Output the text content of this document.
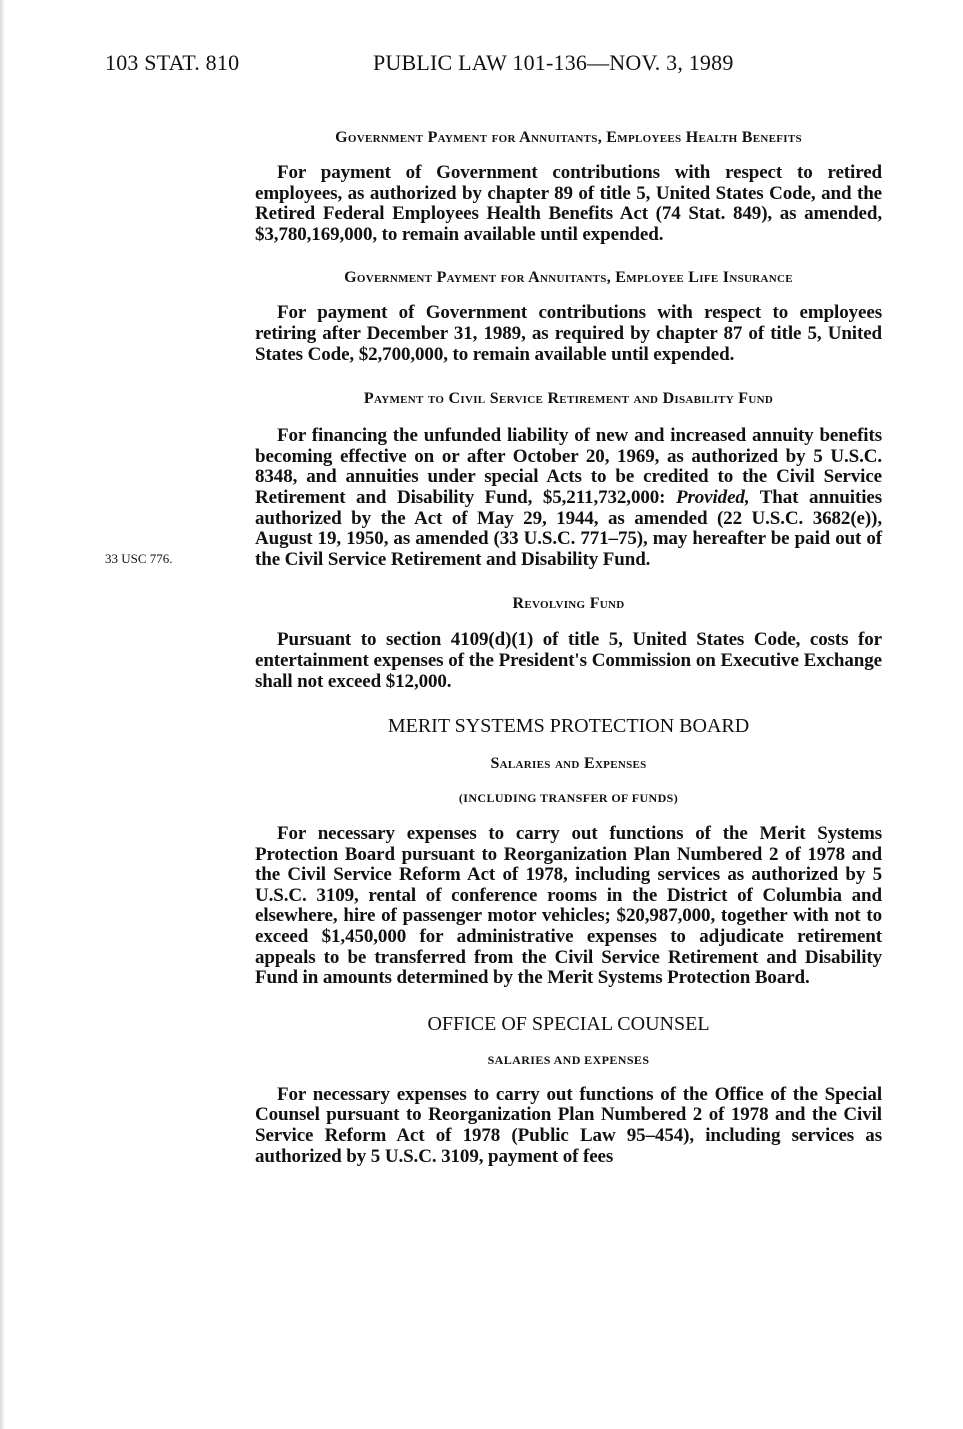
103 STAT. 810	PUBLIC LAW 101-136—NOV. 3, 1989
33 USC 776.
Government Payment for Annuitants, Employees Health Benefits

For payment of Government contributions with respect to retired employees, as authorized by chapter 89 of title 5, United States Code, and the Retired Federal Employees Health Benefits Act (74 Stat. 849), as amended, $3,780,169,000, to remain available until expended.

Government Payment for Annuitants, Employee Life Insurance

For payment of Government contributions with respect to employees retiring after December 31, 1989, as required by chapter 87 of title 5, United States Code, $2,700,000, to remain available until expended.

Payment to Civil Service Retirement and Disability Fund

For financing the unfunded liability of new and increased annuity benefits becoming effective on or after October 20, 1969, as authorized by 5 U.S.C. 8348, and annuities under special Acts to be credited to the Civil Service Retirement and Disability Fund, $5,211,732,000: Provided, That annuities authorized by the Act of May 29, 1944, as amended (22 U.S.C. 3682(e)), August 19, 1950, as amended (33 U.S.C. 771–75), may hereafter be paid out of the Civil Service Retirement and Disability Fund.

Revolving Fund

Pursuant to section 4109(d)(1) of title 5, United States Code, costs for entertainment expenses of the President's Commission on Executive Exchange shall not exceed $12,000.

MERIT SYSTEMS PROTECTION BOARD
Salaries and Expenses
(INCLUDING TRANSFER OF FUNDS)

For necessary expenses to carry out functions of the Merit Systems Protection Board pursuant to Reorganization Plan Numbered 2 of 1978 and the Civil Service Reform Act of 1978, including services as authorized by 5 U.S.C. 3109, rental of conference rooms in the District of Columbia and elsewhere, hire of passenger motor vehicles; $20,987,000, together with not to exceed $1,450,000 for administrative expenses to adjudicate retirement appeals to be transferred from the Civil Service Retirement and Disability Fund in amounts determined by the Merit Systems Protection Board.

OFFICE OF SPECIAL COUNSEL
SALARIES AND EXPENSES

For necessary expenses to carry out functions of the Office of the Special Counsel pursuant to Reorganization Plan Numbered 2 of 1978 and the Civil Service Reform Act of 1978 (Public Law 95–454), including services as authorized by 5 U.S.C. 3109, payment of fees
